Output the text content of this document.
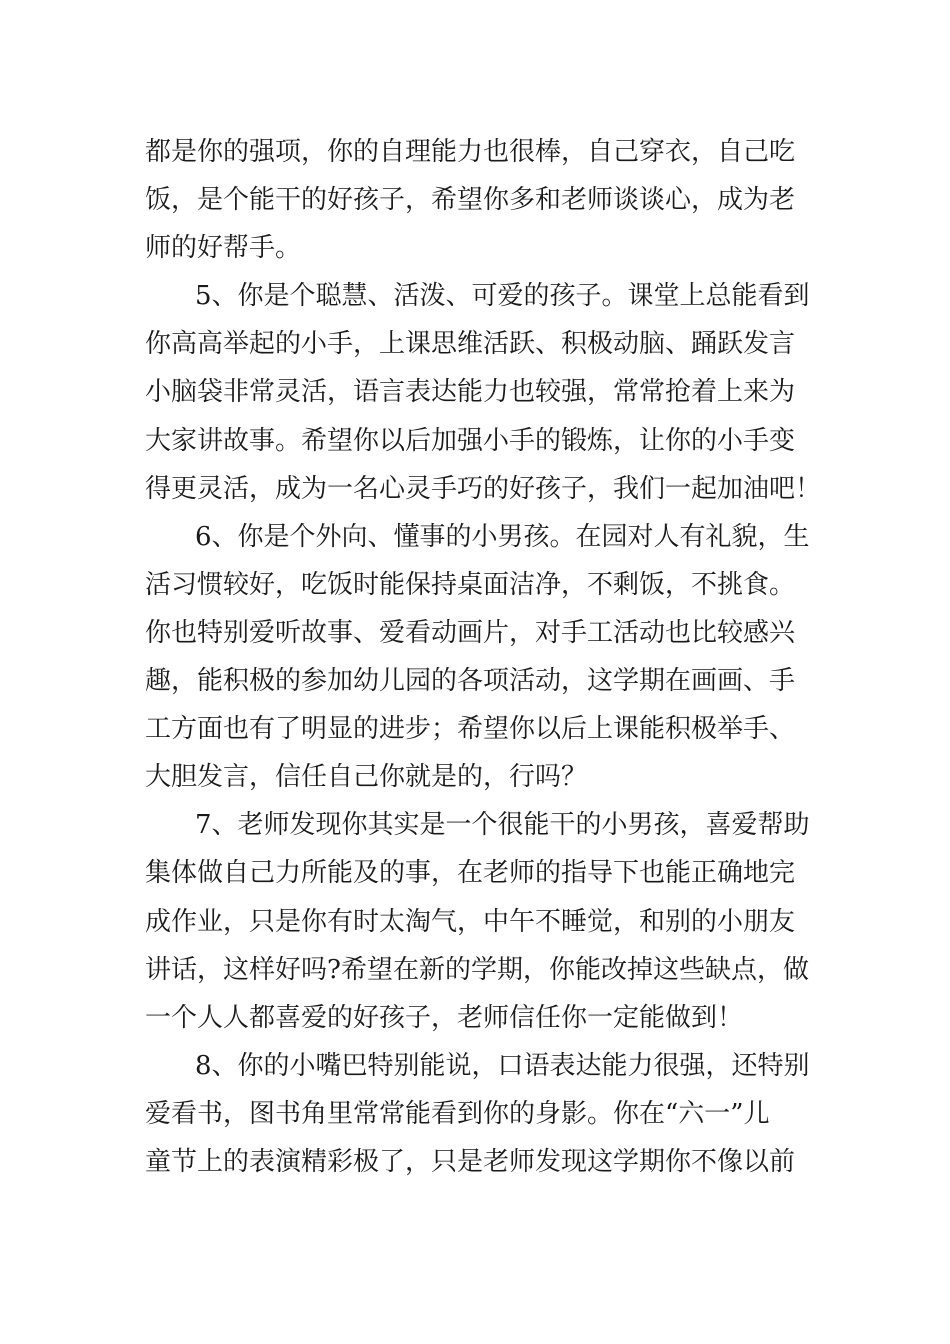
都是你的强项，你的自理能力也很棒，自己穿衣，自己吃
饭，是个能干的好孩子，希望你多和老师谈谈心，成为老
师的好帮手。
5、你是个聪慧、活泼、可爱的孩子。课堂上总能看到
你高高举起的小手，上课思维活跃、积极动脑、踊跃发言
小脑袋非常灵活，语言表达能力也较强，常常抢着上来为
大家讲故事。希望你以后加强小手的锻炼，让你的小手变
得更灵活，成为一名心灵手巧的好孩子，我们一起加油吧！
6、你是个外向、懂事的小男孩。在园对人有礼貌，生
活习惯较好，吃饭时能保持桌面洁净，不剩饭，不挑食。
你也特别爱听故事、爱看动画片，对手工活动也比较感兴
趣，能积极的参加幼儿园的各项活动，这学期在画画、手
工方面也有了明显的进步；希望你以后上课能积极举手、
大胆发言，信任自己你就是的，行吗？
7、老师发现你其实是一个很能干的小男孩，喜爱帮助
集体做自己力所能及的事，在老师的指导下也能正确地完
成作业，只是你有时太淘气，中午不睡觉，和别的小朋友
讲话，这样好吗?希望在新的学期，你能改掉这些缺点，做
一个人人都喜爱的好孩子，老师信任你一定能做到！
8、你的小嘴巴特别能说，口语表达能力很强，还特别
爱看书，图书角里常常能看到你的身影。你在“六一”儿
童节上的表演精彩极了，只是老师发现这学期你不像以前
